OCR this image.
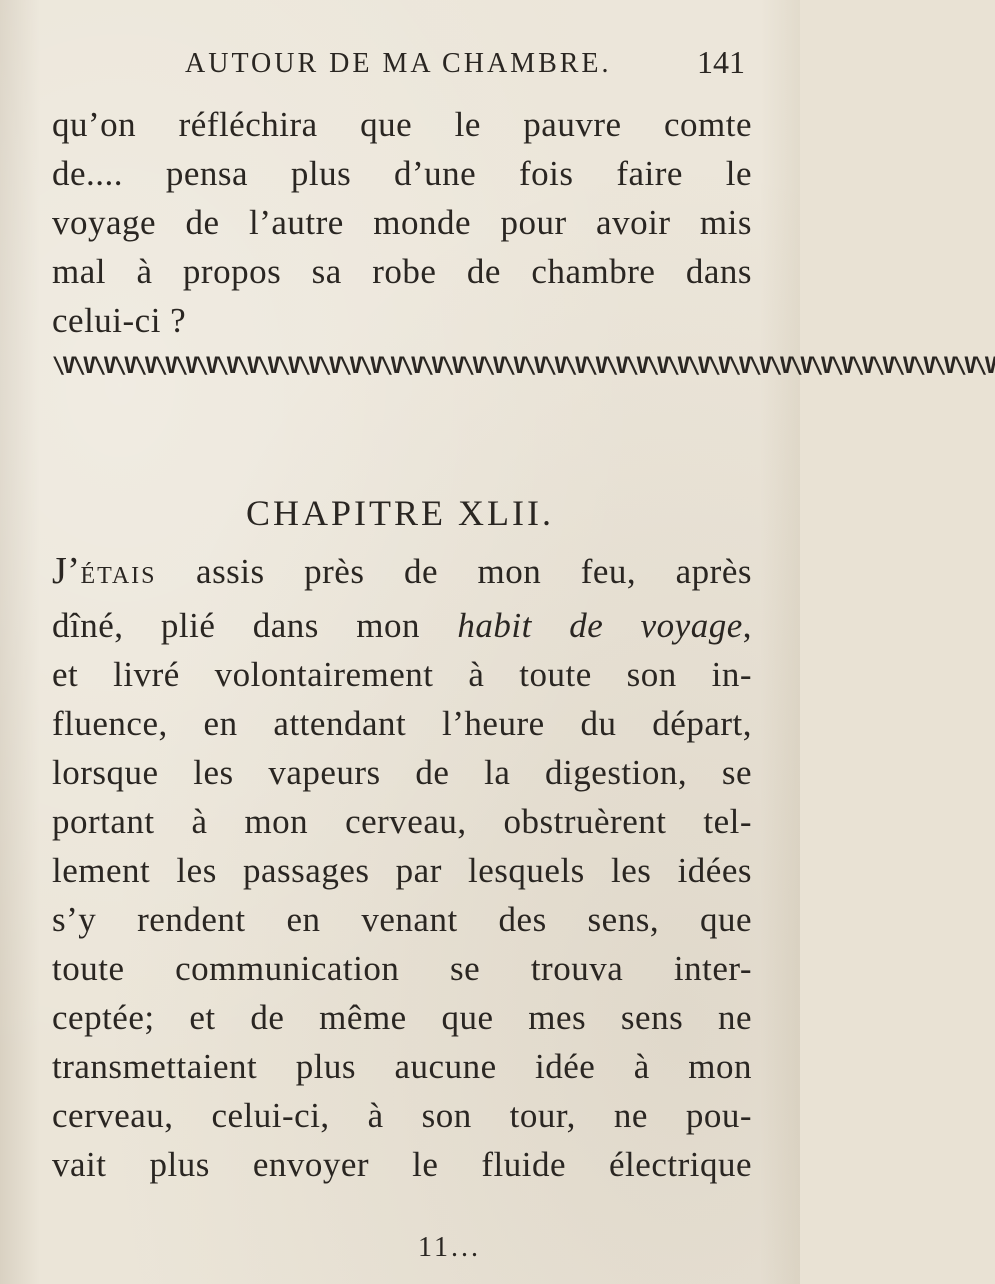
AUTOUR DE MA CHAMBRE.	141
qu’on réfléchira que le pauvre comte
de.... pensa plus d’une fois faire le
voyage de l’autre monde pour avoir mis
mal à propos sa robe de chambre dans
celui-ci ?
\V\V\V\V\V\V\V\V\V\V\V\V\V\V\V\V\V\V\V\V\V\V\V\V\V\V\V\V\V\V\V\V\V\V\V\V\V\V\V\V\V\V\V\V\V\V
CHAPITRE XLII.
J’ÉTAIS assis près de mon feu, après
dîné, plié dans mon habit de voyage,
et livré volontairement à toute son in-
fluence, en attendant l’heure du départ,
lorsque les vapeurs de la digestion, se
portant à mon cerveau, obstruèrent tel-
lement les passages par lesquels les idées
s’y rendent en venant des sens, que
toute communication se trouva inter-
ceptée; et de même que mes sens ne
transmettaient plus aucune idée à mon
cerveau, celui-ci, à son tour, ne pou-
vait plus envoyer le fluide électrique
11...
